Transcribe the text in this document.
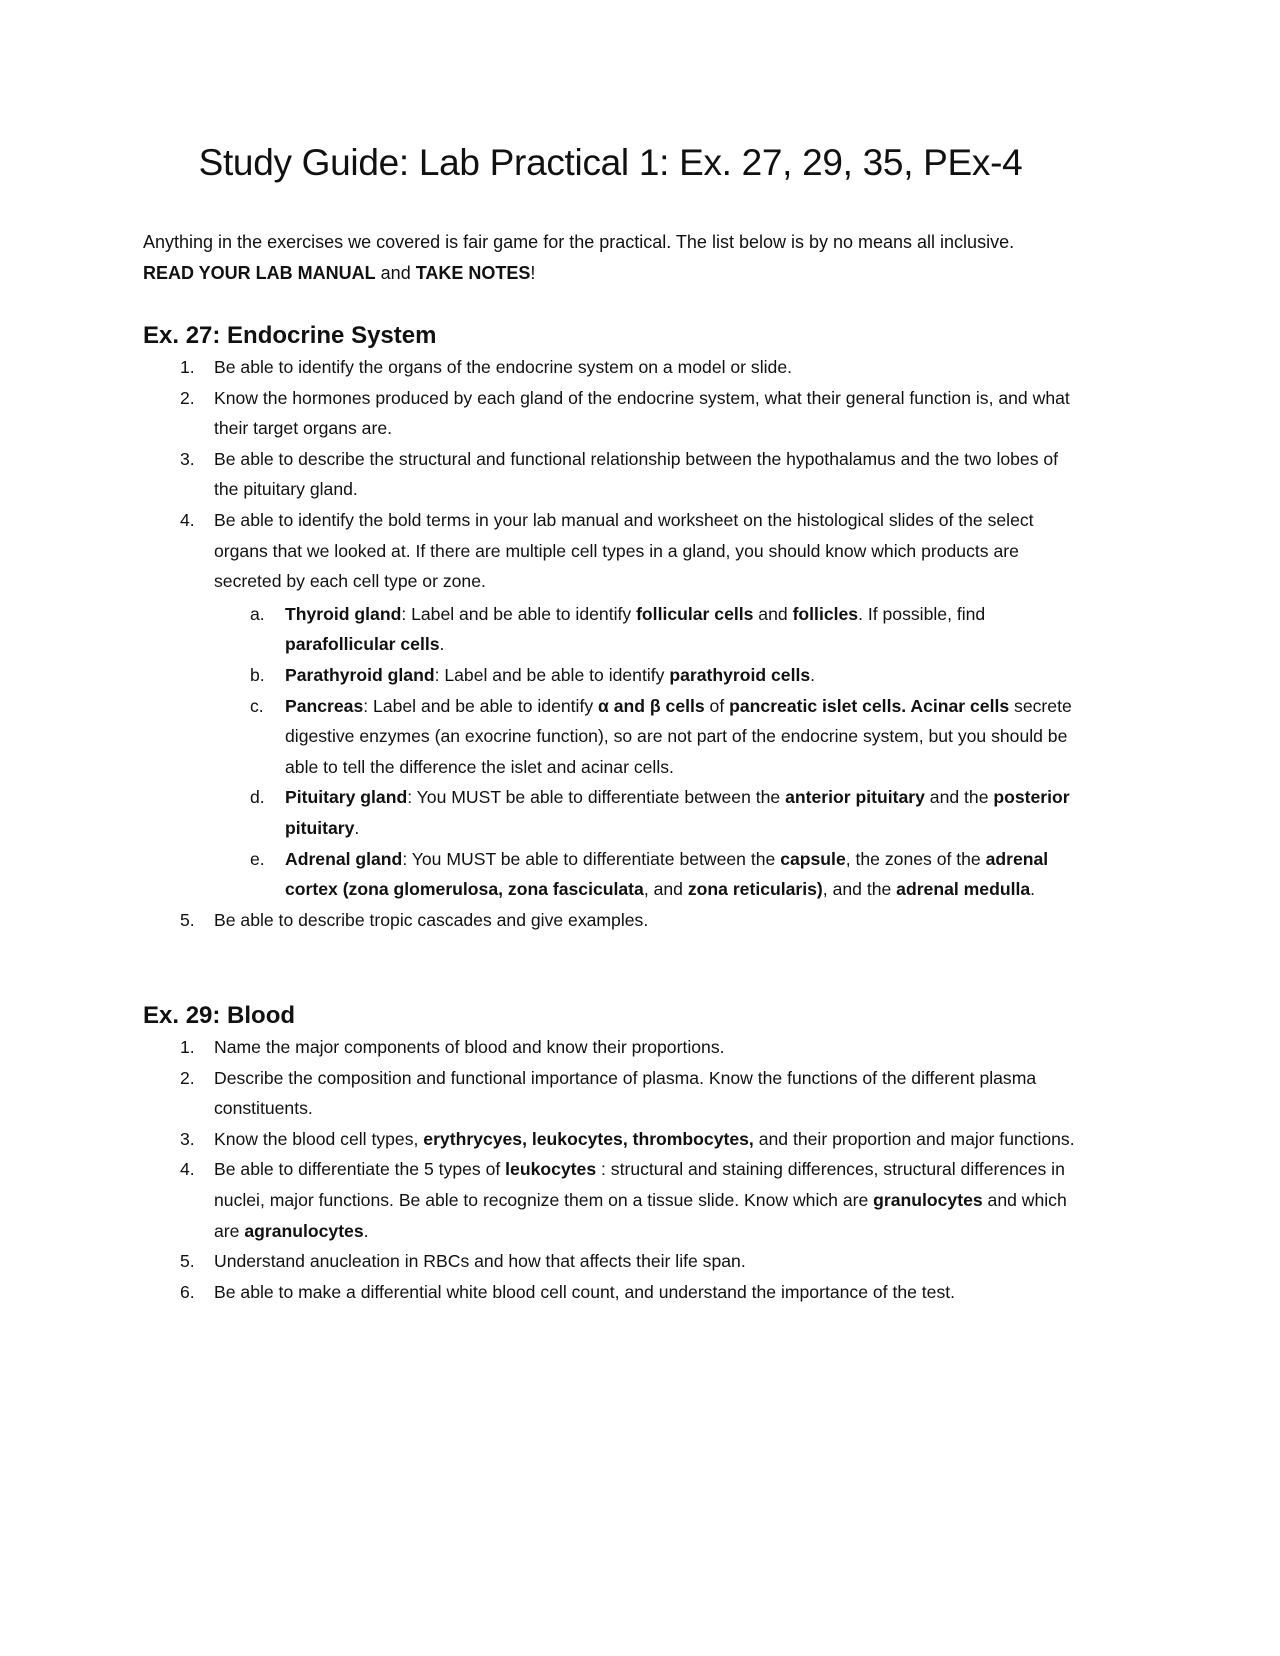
Study Guide: Lab Practical 1: Ex. 27, 29, 35, PEx-4

Anything in the exercises we covered is fair game for the practical. The list below is by no means all inclusive. READ YOUR LAB MANUAL and TAKE NOTES!

Ex. 27: Endocrine System
1. Be able to identify the organs of the endocrine system on a model or slide.
2. Know the hormones produced by each gland of the endocrine system, what their general function is, and what their target organs are.
3. Be able to describe the structural and functional relationship between the hypothalamus and the two lobes of the pituitary gland.
4. Be able to identify the bold terms in your lab manual and worksheet on the histological slides of the select organs that we looked at. If there are multiple cell types in a gland, you should know which products are secreted by each cell type or zone.
a. Thyroid gland: Label and be able to identify follicular cells and follicles. If possible, find parafollicular cells.
b. Parathyroid gland: Label and be able to identify parathyroid cells.
c. Pancreas: Label and be able to identify α and β cells of pancreatic islet cells. Acinar cells secrete digestive enzymes (an exocrine function), so are not part of the endocrine system, but you should be able to tell the difference the islet and acinar cells.
d. Pituitary gland: You MUST be able to differentiate between the anterior pituitary and the posterior pituitary.
e. Adrenal gland: You MUST be able to differentiate between the capsule, the zones of the adrenal cortex (zona glomerulosa, zona fasciculata, and zona reticularis), and the adrenal medulla.
5. Be able to describe tropic cascades and give examples.
Ex. 29: Blood
1. Name the major components of blood and know their proportions.
2. Describe the composition and functional importance of plasma. Know the functions of the different plasma constituents.
3. Know the blood cell types, erythrycyes, leukocytes, thrombocytes, and their proportion and major functions.
4. Be able to differentiate the 5 types of leukocytes : structural and staining differences, structural differences in nuclei, major functions. Be able to recognize them on a tissue slide. Know which are granulocytes and which are agranulocytes.
5. Understand anucleation in RBCs and how that affects their life span.
6. Be able to make a differential white blood cell count, and understand the importance of the test.
